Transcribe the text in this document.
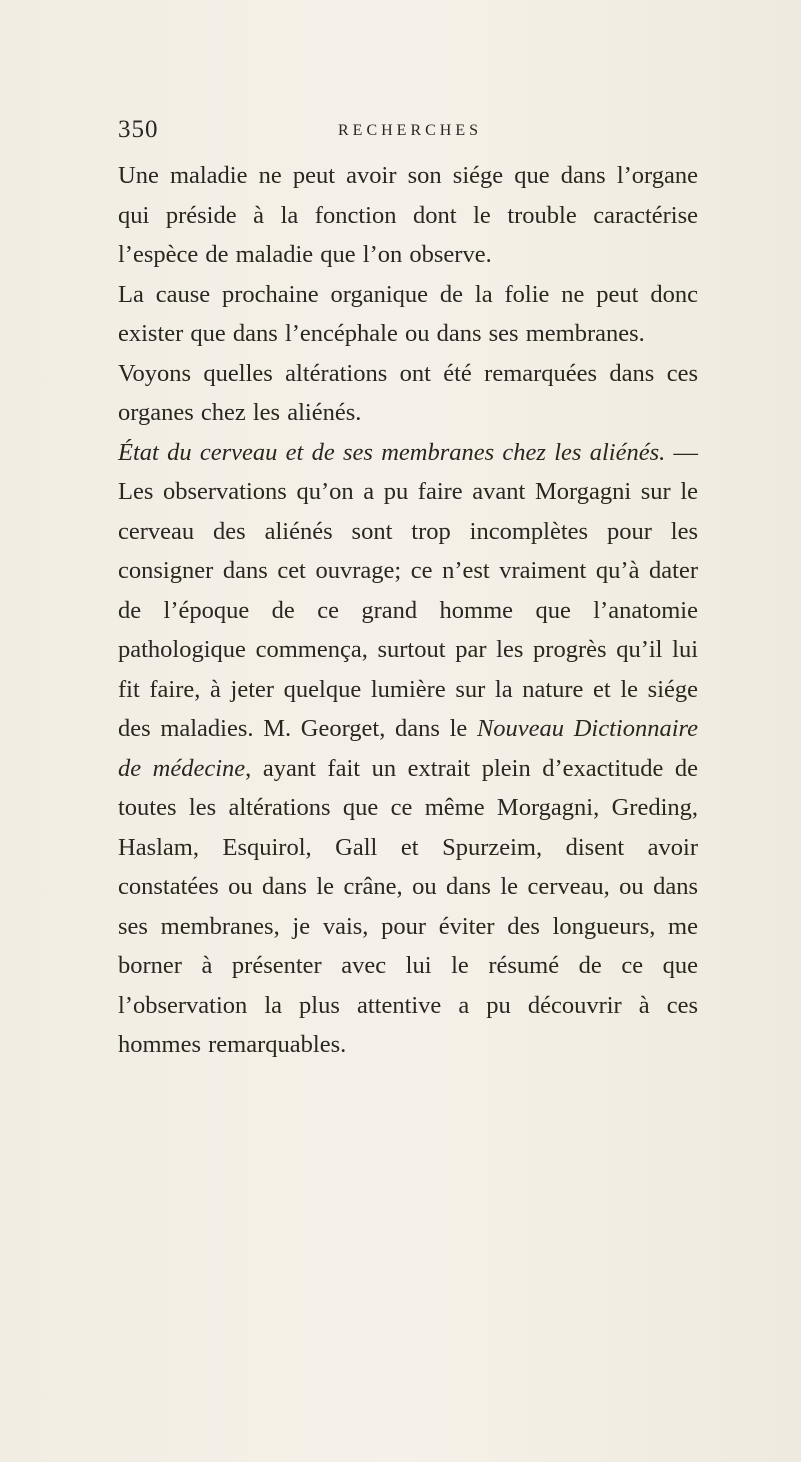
350	RECHERCHES

Une maladie ne peut avoir son siége que dans l’organe qui préside à la fonction dont le trouble caractérise l’espèce de maladie que l’on observe.

La cause prochaine organique de la folie ne peut donc exister que dans l’encéphale ou dans ses membranes.

Voyons quelles altérations ont été remarquées dans ces organes chez les aliénés.

État du cerveau et de ses membranes chez les aliénés. — Les observations qu’on a pu faire avant Morgagni sur le cerveau des aliénés sont trop incomplètes pour les consigner dans cet ouvrage; ce n’est vraiment qu’à dater de l’époque de ce grand homme que l’anatomie pathologique commença, surtout par les progrès qu’il lui fit faire, à jeter quelque lumière sur la nature et le siége des maladies. M. Georget, dans le Nouveau Dictionnaire de médecine, ayant fait un extrait plein d’exactitude de toutes les altérations que ce même Morgagni, Greding, Haslam, Esquirol, Gall et Spurzeim, disent avoir constatées ou dans le crâne, ou dans le cerveau, ou dans ses membranes, je vais, pour éviter des longueurs, me borner à présenter avec lui le résumé de ce que l’observation la plus attentive a pu découvrir à ces hommes remarquables.
